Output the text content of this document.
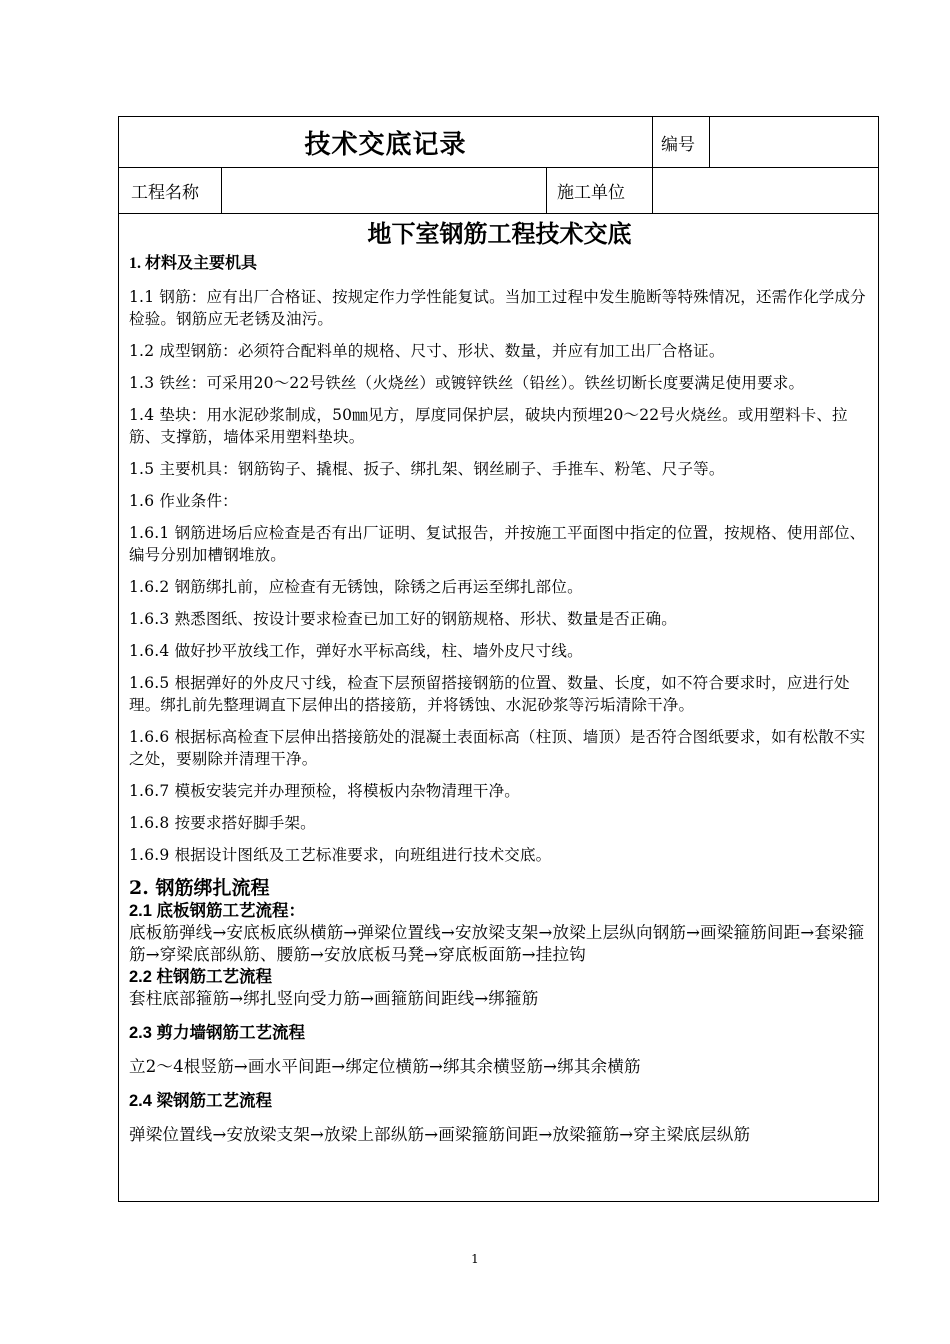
技术交底记录	编号
工程名称	施工单位
地下室钢筋工程技术交底
1. 材料及主要机具
1.1 钢筋：应有出厂合格证、按规定作力学性能复试。当加工过程中发生脆断等特殊情况，还需作化学成分检验。钢筋应无老锈及油污。
1.2 成型钢筋：必须符合配料单的规格、尺寸、形状、数量，并应有加工出厂合格证。
1.3 铁丝：可采用20～22号铁丝（火烧丝）或镀锌铁丝（铅丝）。铁丝切断长度要满足使用要求。
1.4 垫块：用水泥砂浆制成，50㎜见方，厚度同保护层，破块内预埋20～22号火烧丝。或用塑料卡、拉筋、支撑筋，墙体采用塑料垫块。
1.5 主要机具：钢筋钩子、撬棍、扳子、绑扎架、钢丝刷子、手推车、粉笔、尺子等。
1.6 作业条件：
1.6.1 钢筋进场后应检查是否有出厂证明、复试报告，并按施工平面图中指定的位置，按规格、使用部位、编号分别加槽钢堆放。
1.6.2 钢筋绑扎前，应检查有无锈蚀，除锈之后再运至绑扎部位。
1.6.3 熟悉图纸、按设计要求检查已加工好的钢筋规格、形状、数量是否正确。
1.6.4 做好抄平放线工作，弹好水平标高线，柱、墙外皮尺寸线。
1.6.5 根据弹好的外皮尺寸线，检查下层预留搭接钢筋的位置、数量、长度，如不符合要求时，应进行处理。绑扎前先整理调直下层伸出的搭接筋，并将锈蚀、水泥砂浆等污垢清除干净。
1.6.6 根据标高检查下层伸出搭接筋处的混凝土表面标高（柱顶、墙顶）是否符合图纸要求，如有松散不实之处，要剔除并清理干净。
1.6.7 模板安装完并办理预检，将模板内杂物清理干净。
1.6.8 按要求搭好脚手架。
1.6.9 根据设计图纸及工艺标准要求，向班组进行技术交底。
2. 钢筋绑扎流程
2.1 底板钢筋工艺流程：
底板筋弹线→安底板底纵横筋→弹梁位置线→安放梁支架→放梁上层纵向钢筋→画梁箍筋间距→套梁箍筋→穿梁底部纵筋、腰筋→安放底板马凳→穿底板面筋→挂拉钩
2.2 柱钢筋工艺流程
套柱底部箍筋→绑扎竖向受力筋→画箍筋间距线→绑箍筋
2.3 剪力墙钢筋工艺流程
立2～4根竖筋→画水平间距→绑定位横筋→绑其余横竖筋→绑其余横筋
2.4 梁钢筋工艺流程
弹梁位置线→安放梁支架→放梁上部纵筋→画梁箍筋间距→放梁箍筋→穿主梁底层纵筋
1
